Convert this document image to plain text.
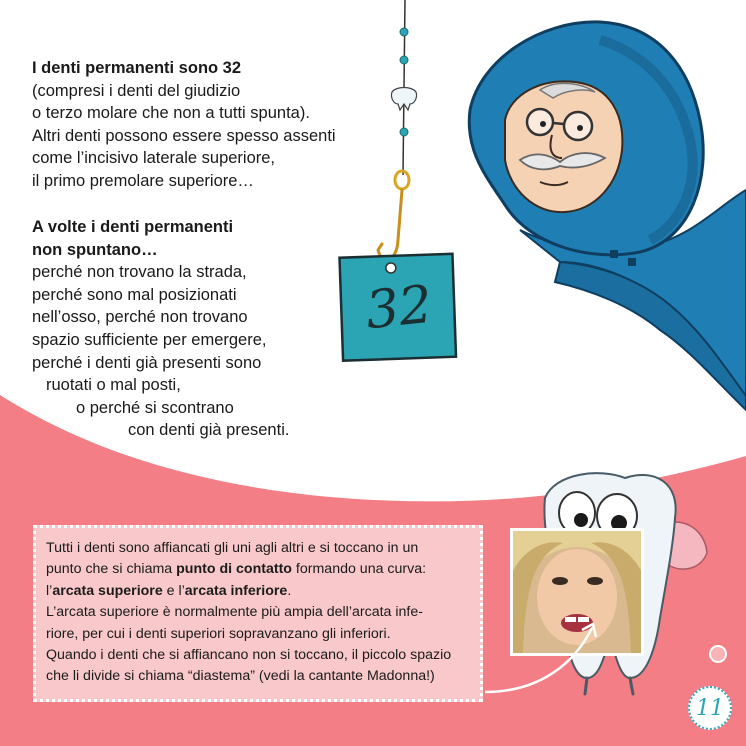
32
I denti permanenti sono 32
(compresi i denti del giudizio
o terzo molare che non a tutti spunta).
Altri denti possono essere spesso assenti
come l’incisivo laterale superiore,
il primo premolare superiore…
A volte i denti permanenti
non spuntano…
perché non trovano la strada,
perché sono mal posizionati
nell’osso, perché non trovano
spazio sufficiente per emergere,
perché i denti già presenti sono
ruotati o mal posti,
o perché si scontrano
con denti già presenti.
Tutti i denti sono affiancati gli uni agli altri e si toccano in un
punto che si chiama punto di contatto formando una curva:
l’arcata superiore e l’arcata inferiore.
L’arcata superiore è normalmente più ampia dell’arcata infe-
riore, per cui i denti superiori sopravanzano gli inferiori.
Quando i denti che si affiancano non si toccano, il piccolo spazio
che li divide si chiama “diastema” (vedi la cantante Madonna!)
11
